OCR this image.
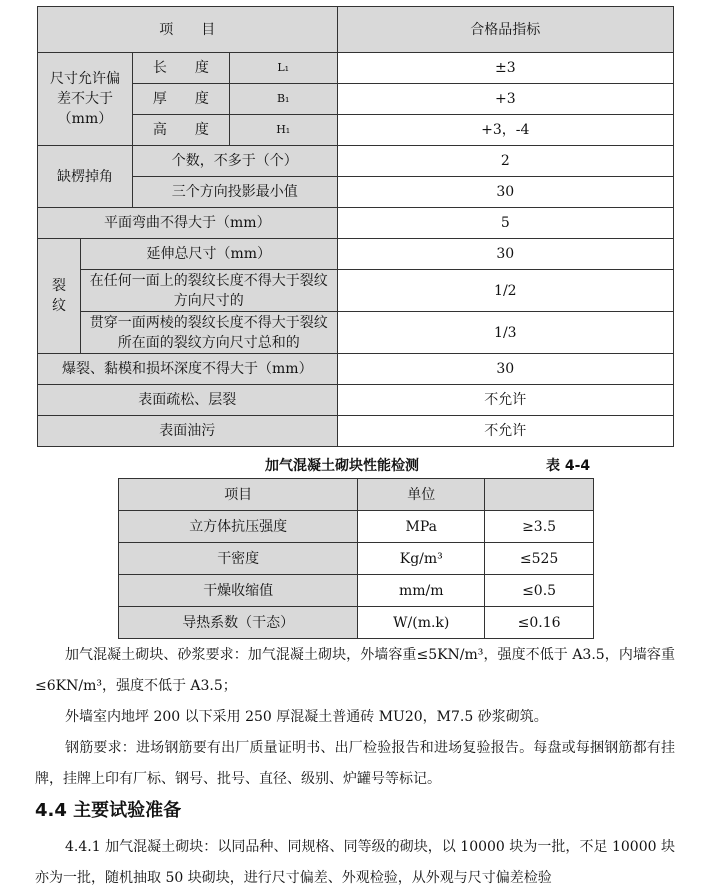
项　　目				合格品指标
尺寸允许偏差不大于（mm）		长　　度	L₁	±3
		厚　　度	B₁	+3
		高　　度	H₁	+3，-4
缺楞掉角		个数，不多于（个）		2
		三个方向投影最小值		30
平面弯曲不得大于（mm）				5
裂纹	延伸总尺寸（mm）			30
	在任何一面上的裂纹长度不得大于裂纹方向尺寸的			1/2
	贯穿一面两棱的裂纹长度不得大于裂纹所在面的裂纹方向尺寸总和的			1/3
爆裂、黏模和损坏深度不得大于（mm）				30
表面疏松、层裂				不允许
表面油污				不允许
加气混凝土砌块性能检测	表 4-4
项目	单位	
立方体抗压强度	MPa	≥3.5
干密度	Kg/m³	≤525
干燥收缩值	mm/m	≤0.5
导热系数（干态）	W/(m.k)	≤0.16

加气混凝土砌块、砂浆要求：加气混凝土砌块，外墙容重≤5KN/m³，强度不低于 A3.5，内墙容重≤6KN/m³，强度不低于 A3.5；

外墙室内地坪 200 以下采用 250 厚混凝土普通砖 MU20，M7.5 砂浆砌筑。

钢筋要求：进场钢筋要有出厂质量证明书、出厂检验报告和进场复验报告。每盘或每捆钢筋都有挂牌，挂牌上印有厂标、钢号、批号、直径、级别、炉罐号等标记。

4.4 主要试验准备

4.4.1 加气混凝土砌块：以同品种、同规格、同等级的砌块，以 10000 块为一批，不足 10000 块亦为一批，随机抽取 50 块砌块，进行尺寸偏差、外观检验，从外观与尺寸偏差检验
